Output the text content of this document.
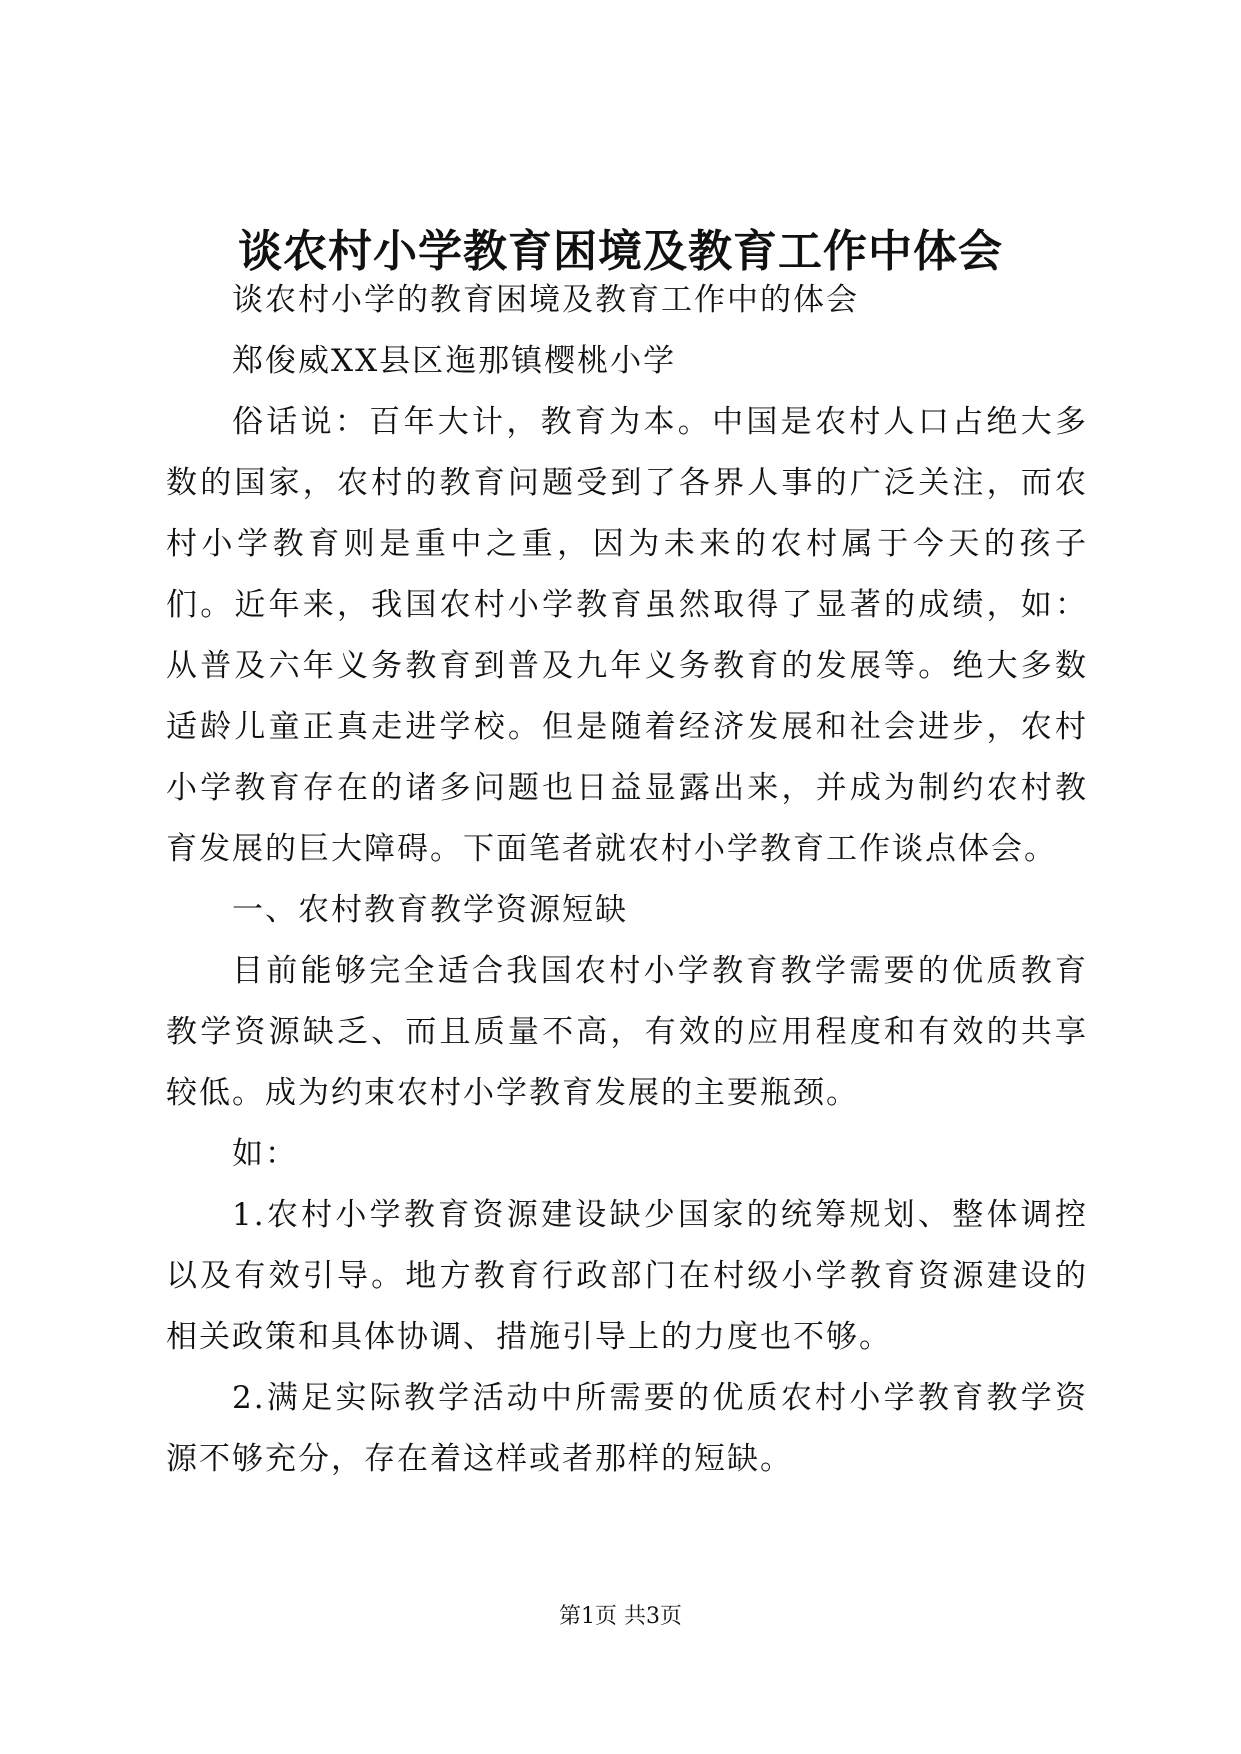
谈农村小学教育困境及教育工作中体会

谈农村小学的教育困境及教育工作中的体会

郑俊威XX县区迤那镇樱桃小学

俗话说：百年大计，教育为本。中国是农村人口占绝大多数的国家，农村的教育问题受到了各界人事的广泛关注，而农村小学教育则是重中之重，因为未来的农村属于今天的孩子们。近年来，我国农村小学教育虽然取得了显著的成绩，如：从普及六年义务教育到普及九年义务教育的发展等。绝大多数适龄儿童正真走进学校。但是随着经济发展和社会进步，农村小学教育存在的诸多问题也日益显露出来，并成为制约农村教育发展的巨大障碍。下面笔者就农村小学教育工作谈点体会。

一、农村教育教学资源短缺

目前能够完全适合我国农村小学教育教学需要的优质教育教学资源缺乏、而且质量不高，有效的应用程度和有效的共享较低。成为约束农村小学教育发展的主要瓶颈。

如：

1.农村小学教育资源建设缺少国家的统筹规划、整体调控以及有效引导。地方教育行政部门在村级小学教育资源建设的相关政策和具体协调、措施引导上的力度也不够。

2.满足实际教学活动中所需要的优质农村小学教育教学资源不够充分，存在着这样或者那样的短缺。

第1页 共3页
